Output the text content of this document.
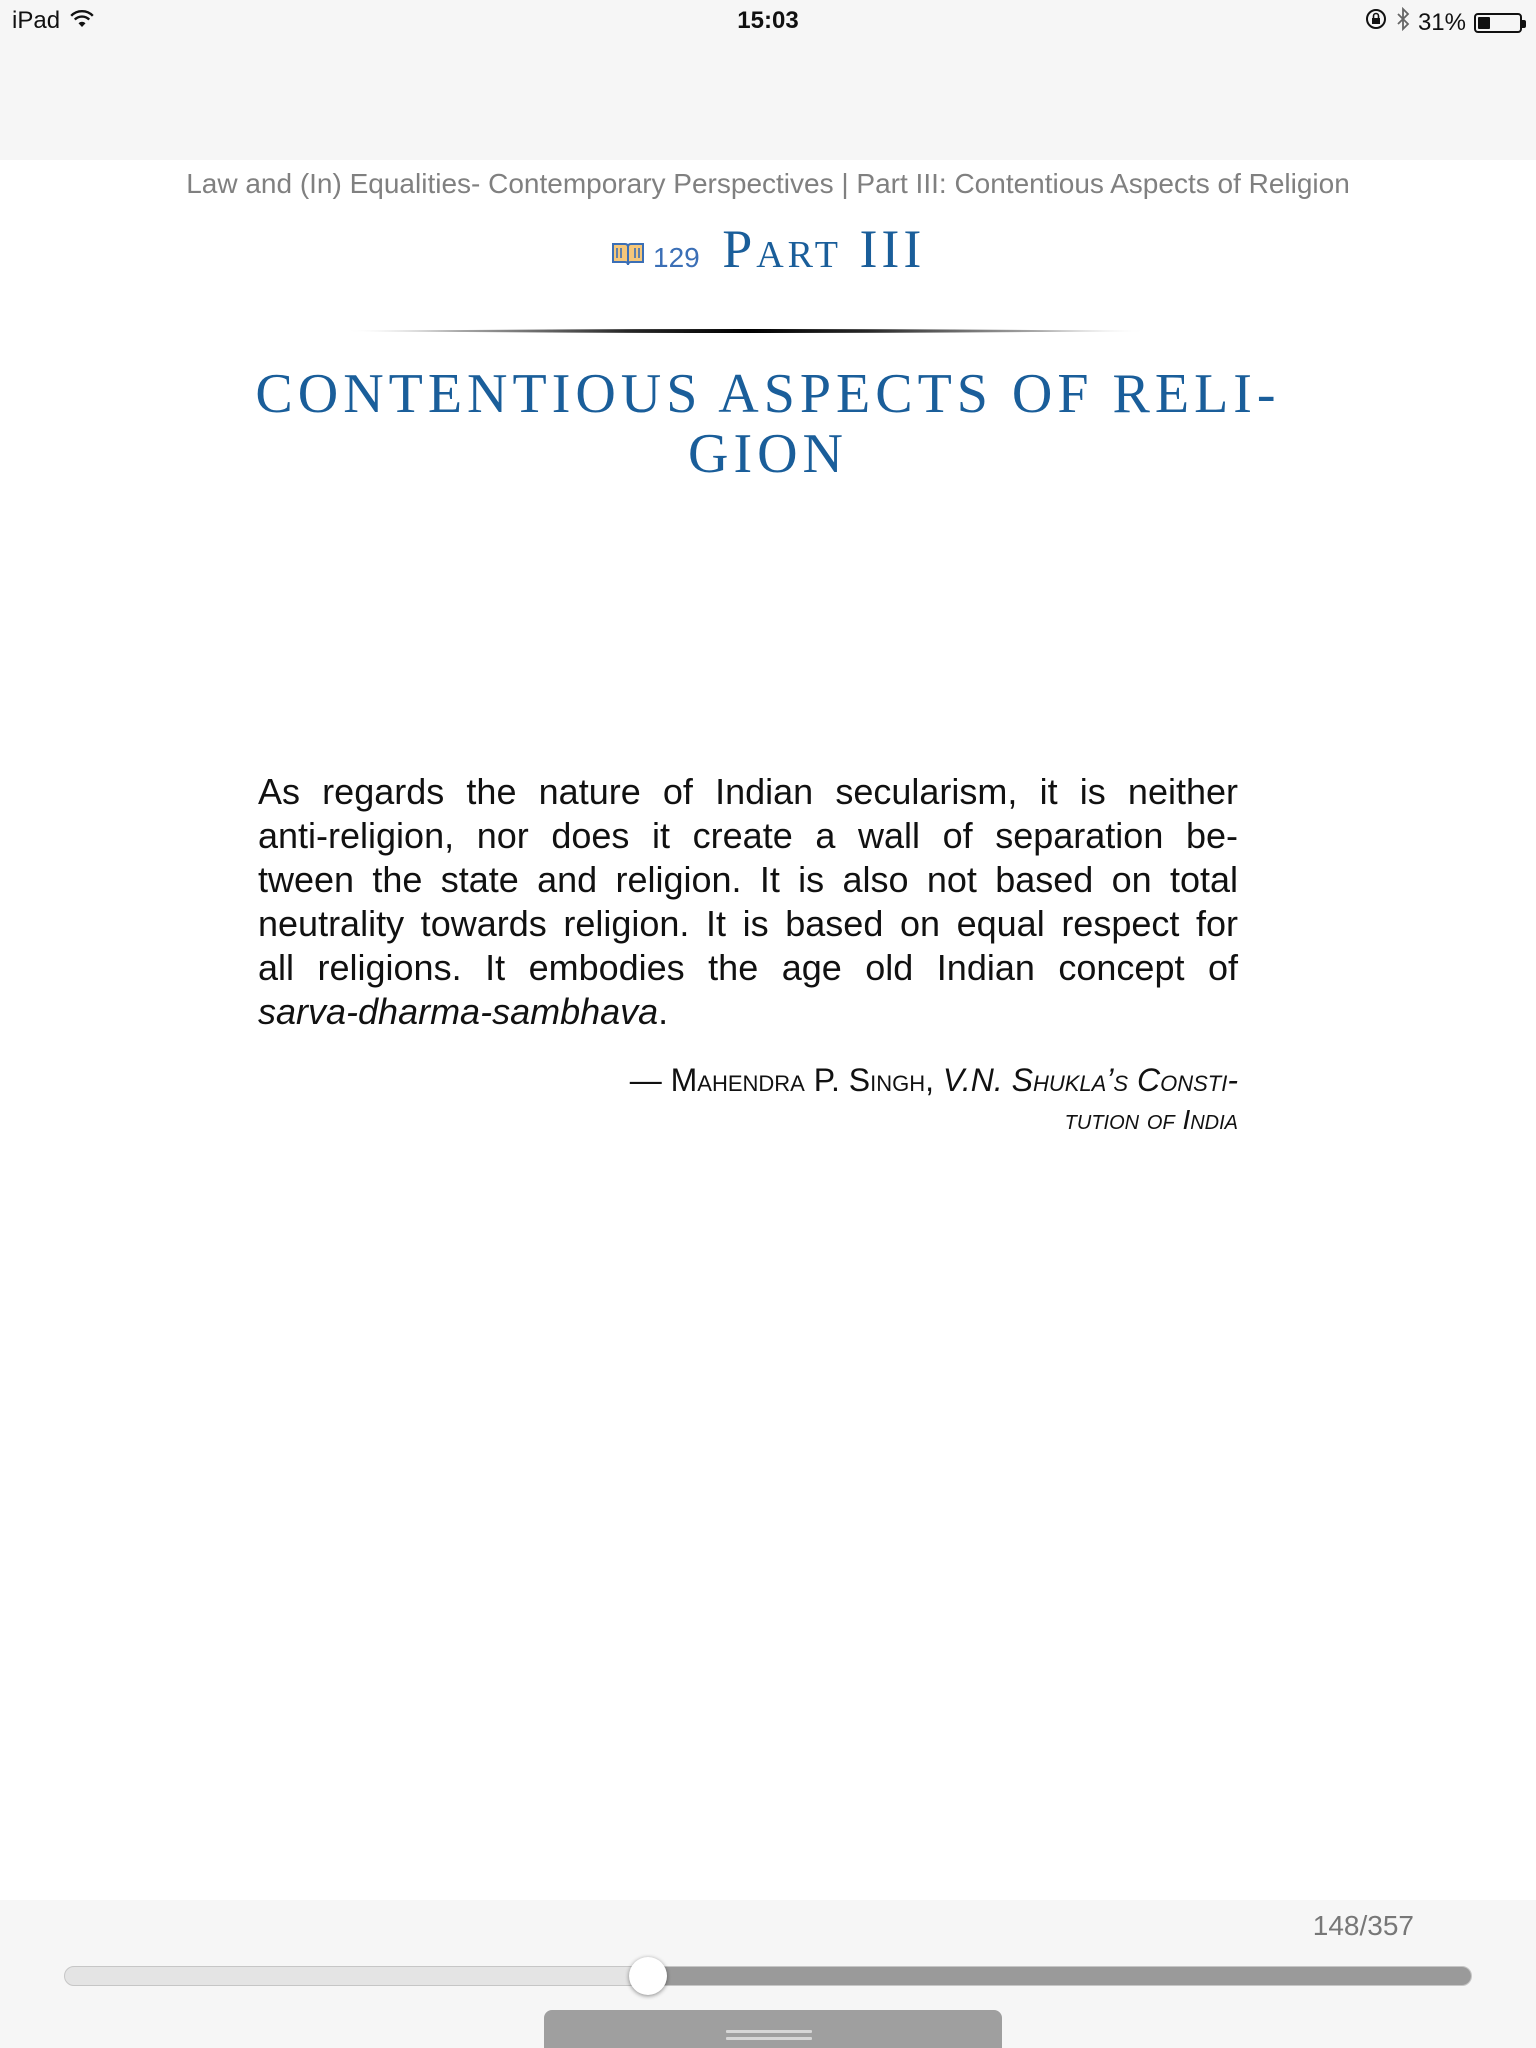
iPad	15:03	31%
Law and (In) Equalities- Contemporary Perspectives | Part III: Contentious Aspects of Religion
129 Part III
CONTENTIOUS ASPECTS OF RELI-
GION
As regards the nature of Indian secularism, it is neither
anti-religion, nor does it create a wall of separation be-
tween the state and religion. It is also not based on total
neutrality towards religion. It is based on equal respect for
all religions. It embodies the age old Indian concept of
sarva-dharma-sambhava.
— Mahendra P. Singh, V.N. Shukla’s Consti-
tution of India
148/357
